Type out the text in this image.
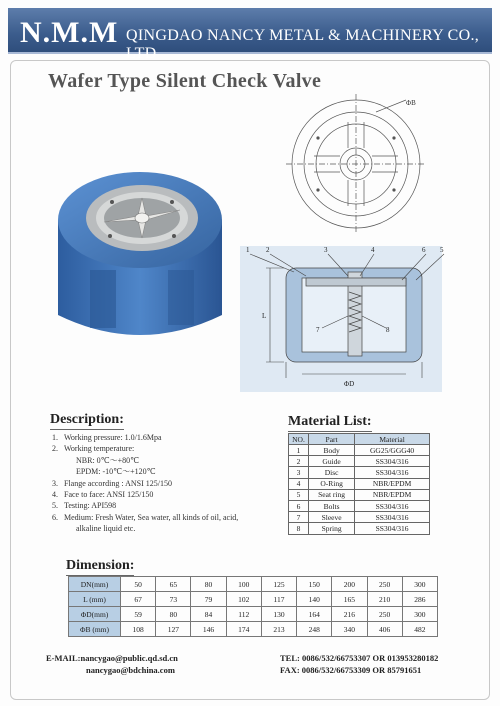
N.M.M QINGDAO NANCY METAL & MACHINERY CO., LTD
Wafer Type Silent Check Valve
ΦB
1 2	3	4	6 5
7	8
L
ΦD
Description:
1. Working pressure: 1.0/1.6Mpa
2. Working temperature:
NBR: 0℃～+80℃
EPDM: -10℃～+120℃
3. Flange according : ANSI 125/150
4. Face to face: ANSI 125/150
5. Testing: API598
6. Medium: Fresh Water, Sea water, all kinds of oil, acid,
alkaline liquid etc.
Material List:
NO.	Part	Material
1	Body	GG25/GGG40
2	Guide	SS304/316
3	Disc	SS304/316
4	O-Ring	NBR/EPDM
5	Seat ring	NBR/EPDM
6	Bolts	SS304/316
7	Sleeve	SS304/316
8	Spring	SS304/316
Dimension:
DN(mm)	50	65	80	100	125	150	200	250	300
L (mm)	67	73	79	102	117	140	165	210	286
ΦD(mm)	59	80	84	112	130	164	216	250	300
ΦB (mm)	108	127	146	174	213	248	340	406	482
E-MAIL:nancygao@public.qd.sd.cn
nancygao@bdchina.com
TEL: 0086/532/66753307 OR 013953280182
FAX: 0086/532/66753309 OR 85791651
